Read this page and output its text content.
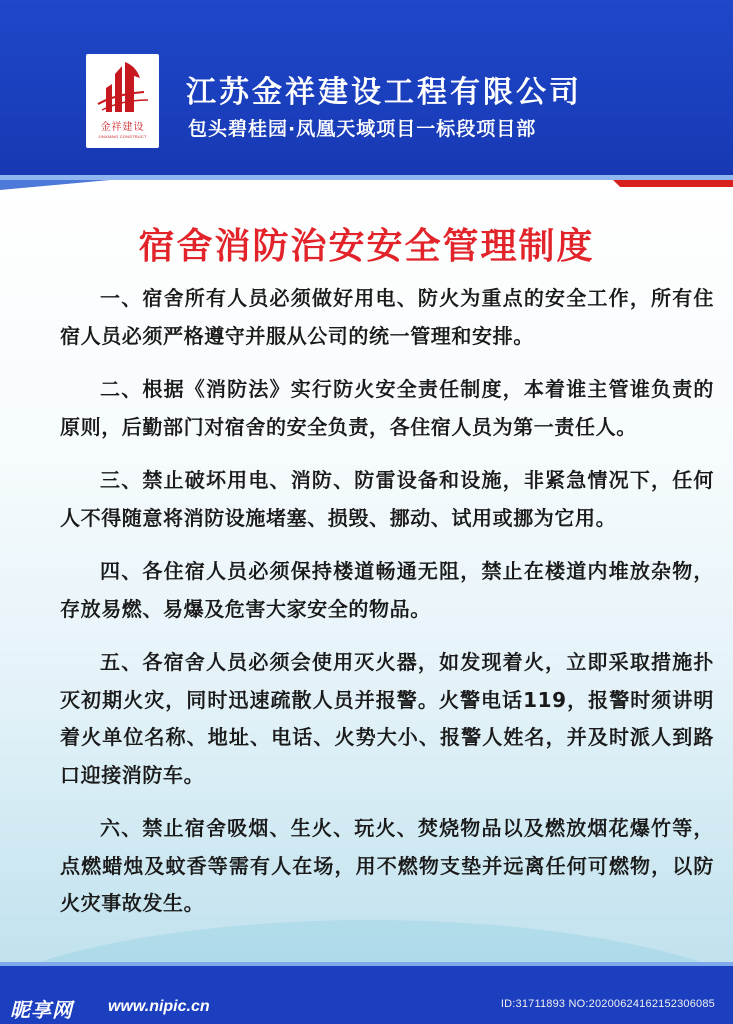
金祥建设
JINXIANG CONSTRUCT
江苏金祥建设工程有限公司
包头碧桂园·凤凰天域项目一标段项目部
宿舍消防治安安全管理制度

一、宿舍所有人员必须做好用电、防火为重点的安全工作，所有住宿人员必须严格遵守并服从公司的统一管理和安排。

二、根据《消防法》实行防火安全责任制度，本着谁主管谁负责的原则，后勤部门对宿舍的安全负责，各住宿人员为第一责任人。

三、禁止破坏用电、消防、防雷设备和设施，非紧急情况下，任何人不得随意将消防设施堵塞、损毁、挪动、试用或挪为它用。

四、各住宿人员必须保持楼道畅通无阻，禁止在楼道内堆放杂物，存放易燃、易爆及危害大家安全的物品。

五、各宿舍人员必须会使用灭火器，如发现着火，立即采取措施扑灭初期火灾，同时迅速疏散人员并报警。火警电话119，报警时须讲明着火单位名称、地址、电话、火势大小、报警人姓名，并及时派人到路口迎接消防车。

六、禁止宿舍吸烟、生火、玩火、焚烧物品以及燃放烟花爆竹等，点燃蜡烛及蚊香等需有人在场，用不燃物支垫并远离任何可燃物，以防火灾事故发生。

昵享网 www.nipic.cn	ID:31711893 NO:20200624162152306085
